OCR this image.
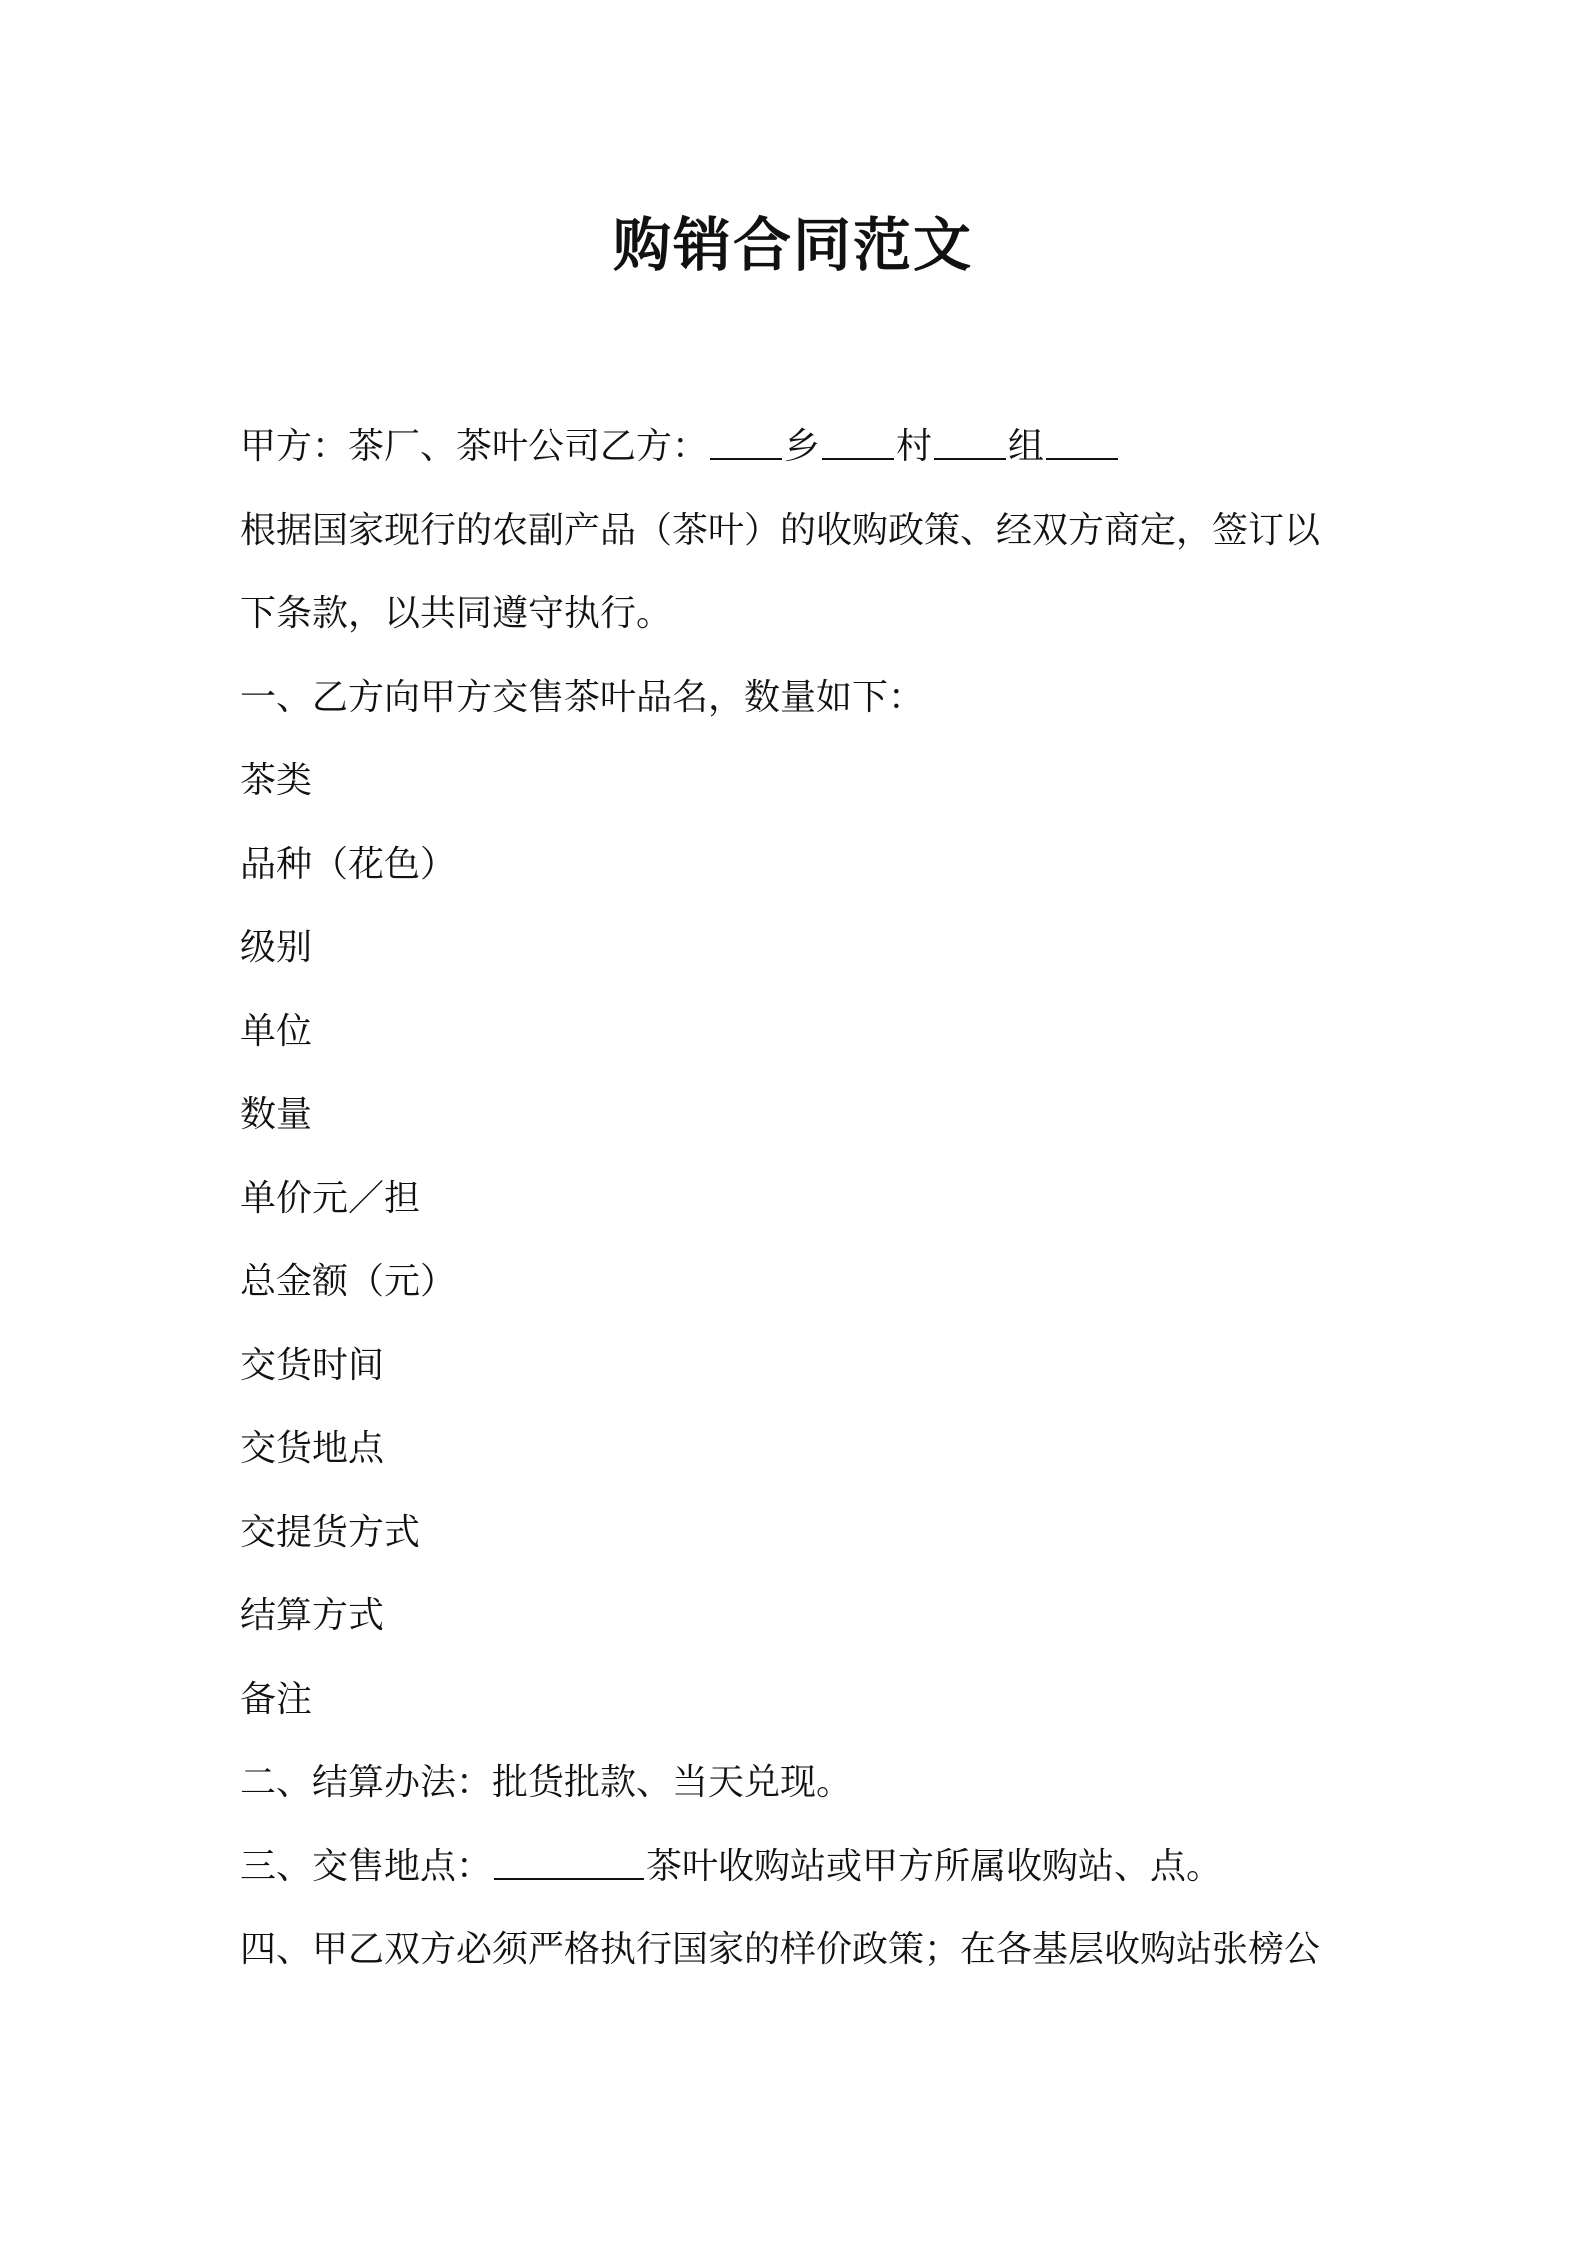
购销合同范文
甲方：茶厂、茶叶公司乙方： 乡 村 组
根据国家现行的农副产品（茶叶）的收购政策、经双方商定，签订以
下条款，以共同遵守执行。
一、乙方向甲方交售茶叶品名，数量如下：
茶类
品种（花色）
级别
单位
数量
单价元／担
总金额（元）
交货时间
交货地点
交提货方式
结算方式
备注
二、结算办法：批货批款、当天兑现。
三、交售地点：	茶叶收购站或甲方所属收购站、点。
四、甲乙双方必须严格执行国家的样价政策；在各基层收购站张榜公
